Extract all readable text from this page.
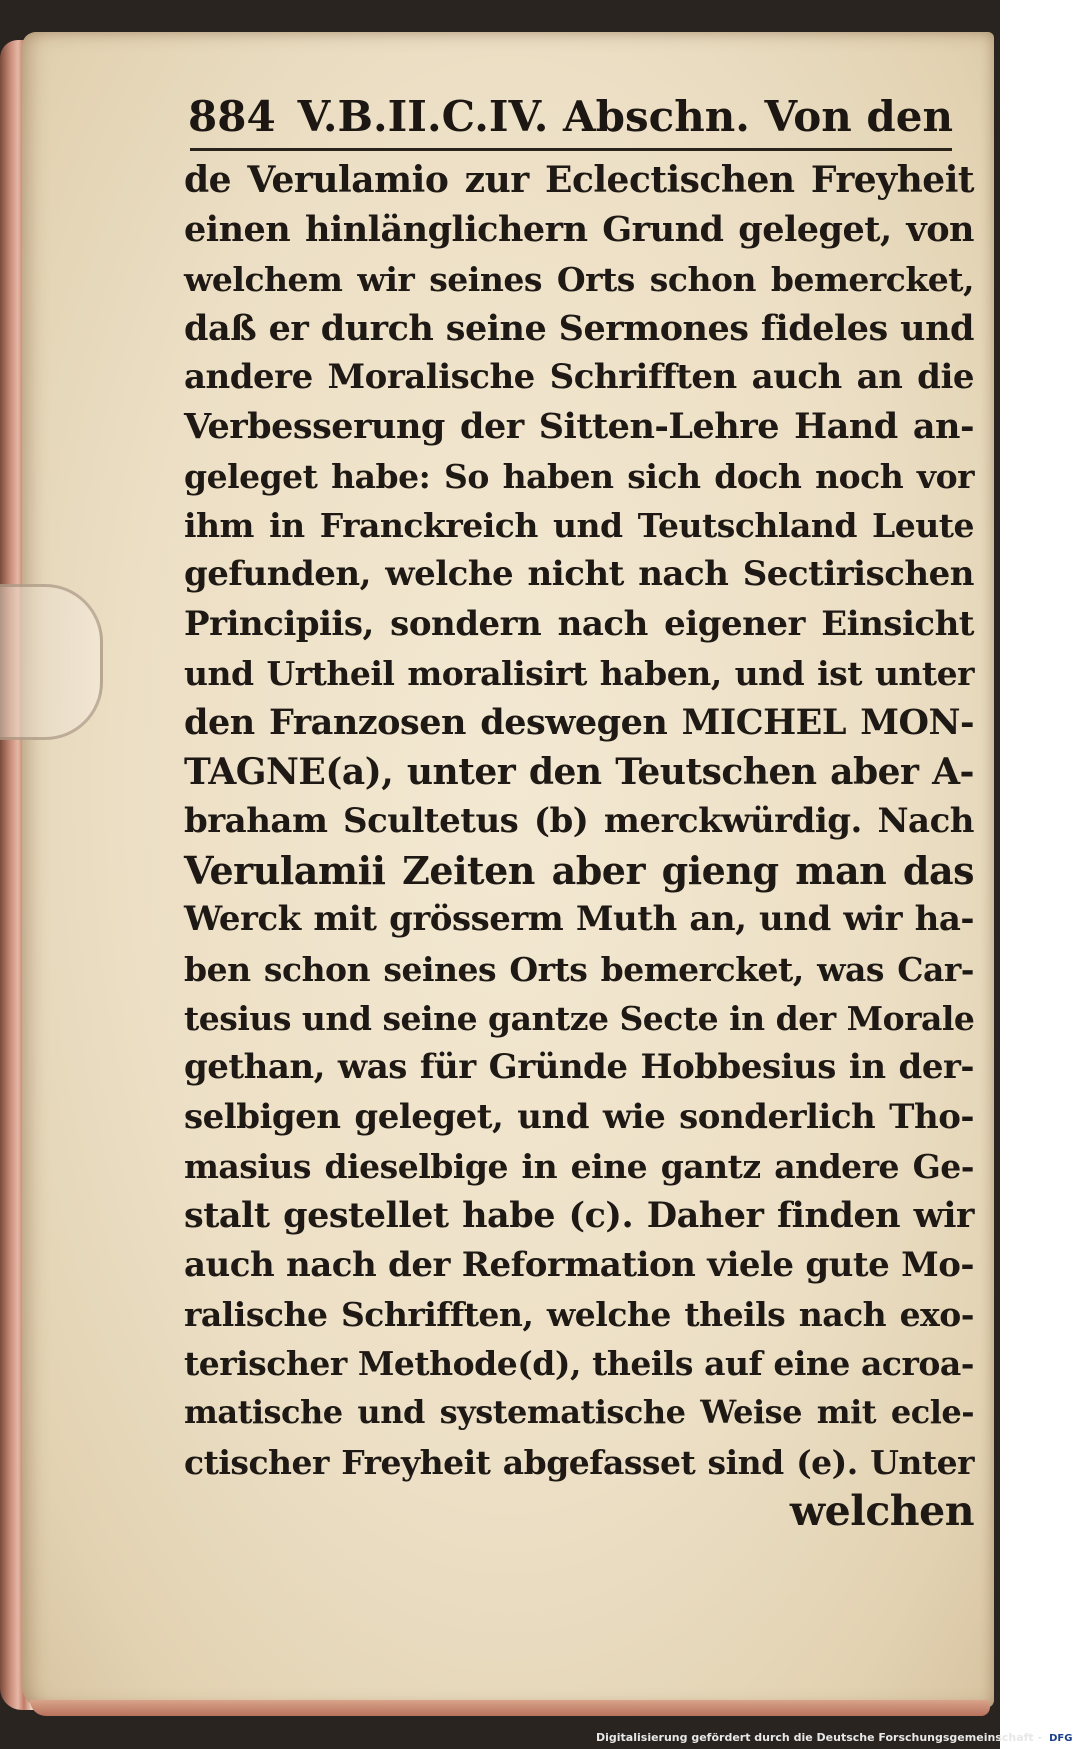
884 V.B.II.C.IV. Abschn. Von den
de Verulamio zur Eclectischen Freyheit
einen hinlänglichern Grund geleget, von
welchem wir seines Orts schon bemercket,
daß er durch seine Sermones fideles und
andere Moralische Schrifften auch an die
Verbesserung der Sitten-Lehre Hand an-
geleget habe: So haben sich doch noch vor
ihm in Franckreich und Teutschland Leute
gefunden, welche nicht nach Sectirischen
Principiis, sondern nach eigener Einsicht
und Urtheil moralisirt haben, und ist unter
den Franzosen deswegen MICHEL MON-
TAGNE(a), unter den Teutschen aber A-
braham Scultetus (b) merckwürdig. Nach
Verulamii Zeiten aber gieng man das
Werck mit grösserm Muth an, und wir ha-
ben schon seines Orts bemercket, was Car-
tesius und seine gantze Secte in der Morale
gethan, was für Gründe Hobbesius in der-
selbigen geleget, und wie sonderlich Tho-
masius dieselbige in eine gantz andere Ge-
stalt gestellet habe (c). Daher finden wir
auch nach der Reformation viele gute Mo-
ralische Schrifften, welche theils nach exo-
terischer Methode(d), theils auf eine acroa-
matische und systematische Weise mit ecle-
ctischer Freyheit abgefasset sind (e). Unter
welchen
Digitalisierung gefördert durch die Deutsche Forschungsgemeinschaft - DFG
